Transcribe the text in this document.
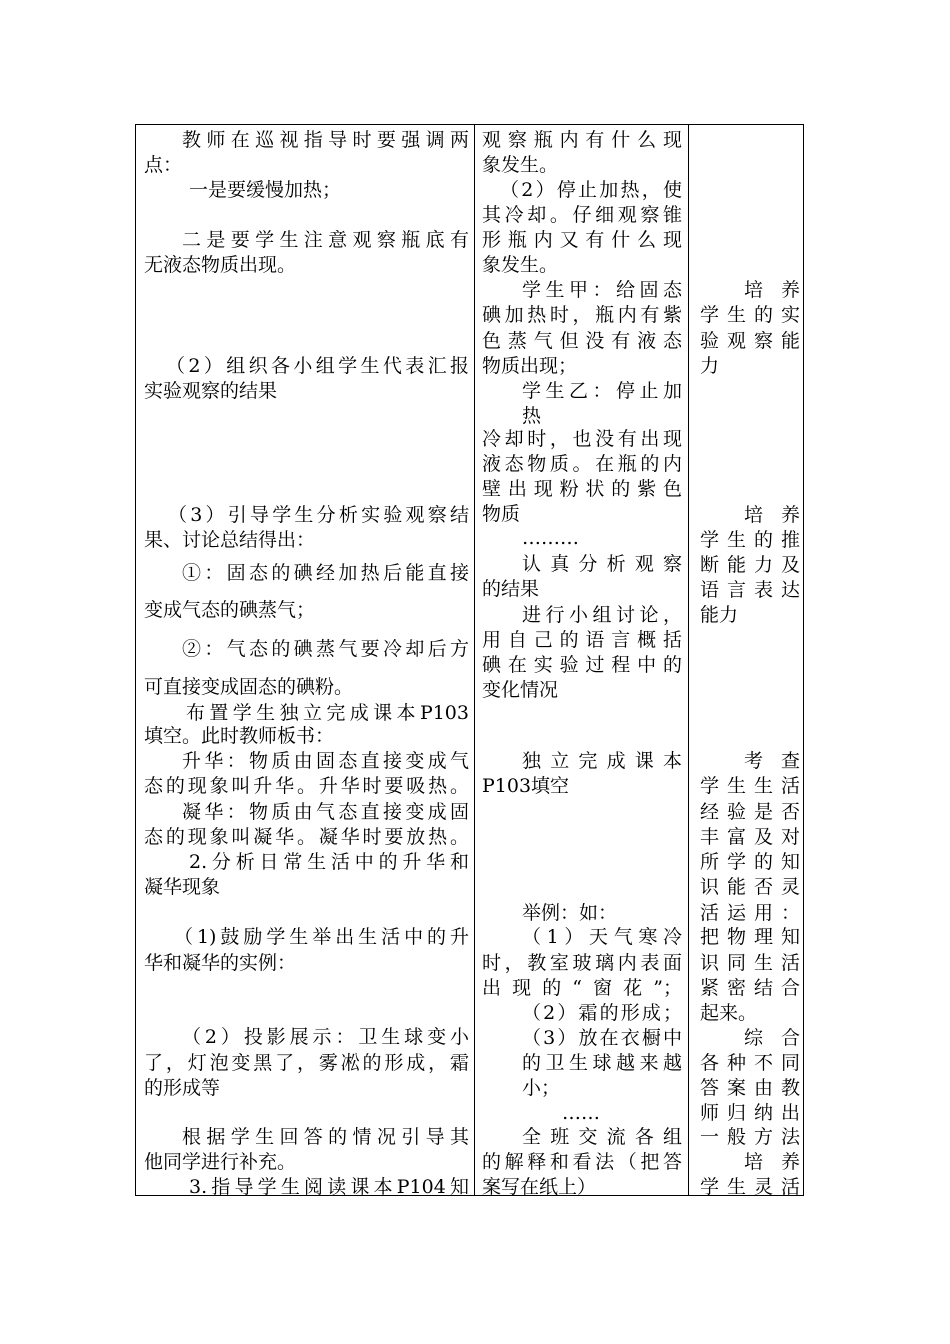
教师在巡视指导时要强调两
点：
一是要缓慢加热；
二是要学生注意观察瓶底有
无液态物质出现。
（2）组织各小组学生代表汇报
实验观察的结果
（3）引导学生分析实验观察结
果、讨论总结得出：
①：固态的碘经加热后能直接
变成气态的碘蒸气；
②：气态的碘蒸气要冷却后方
可直接变成固态的碘粉。
布置学生独立完成课本P103
填空。此时教师板书：
升华：物质由固态直接变成气
态的现象叫升华。升华时要吸热。
凝华：物质由气态直接变成固
态的现象叫凝华。凝华时要放热。
2.分析日常生活中的升华和
凝华现象
（1)鼓励学生举出生活中的升
华和凝华的实例：
（2）投影展示：卫生球变小
了，灯泡变黑了，雾凇的形成，霜
的形成等
根据学生回答的情况引导其
他同学进行补充。
3.指导学生阅读课本P104知
观察瓶内有什么现
象发生。
（2）停止加热，使
其冷却。仔细观察锥
形瓶内又有什么现
象发生。
学生甲：给固态
碘加热时，瓶内有紫
色蒸气但没有液态
物质出现；
学生乙：停止加
热
冷却时，也没有出现
液态物质。在瓶的内
壁出现粉状的紫色
物质
………
认真分析观察
的结果
进行小组讨论，
用自己的语言概括
碘在实验过程中的
变化情况
独立完成课本
P103填空
举例：如：
（1）天气寒冷
时，教室玻璃内表面
出现的“窗花”；
（2）霜的形成；
（3）放在衣橱中
的卫生球越来越
小；
……
全班交流各组
的解释和看法（把答
案写在纸上）
培养
学生的实
验观察能
力
培养
学生的推
断能力及
语言表达
能力
考查
学生生活
经验是否
丰富及对
所学的知
识能否灵
活运用：
把物理知
识同生活
紧密结合
起来。
综合
各种不同
答案由教
师归纳出
一般方法
培养
学生灵活
